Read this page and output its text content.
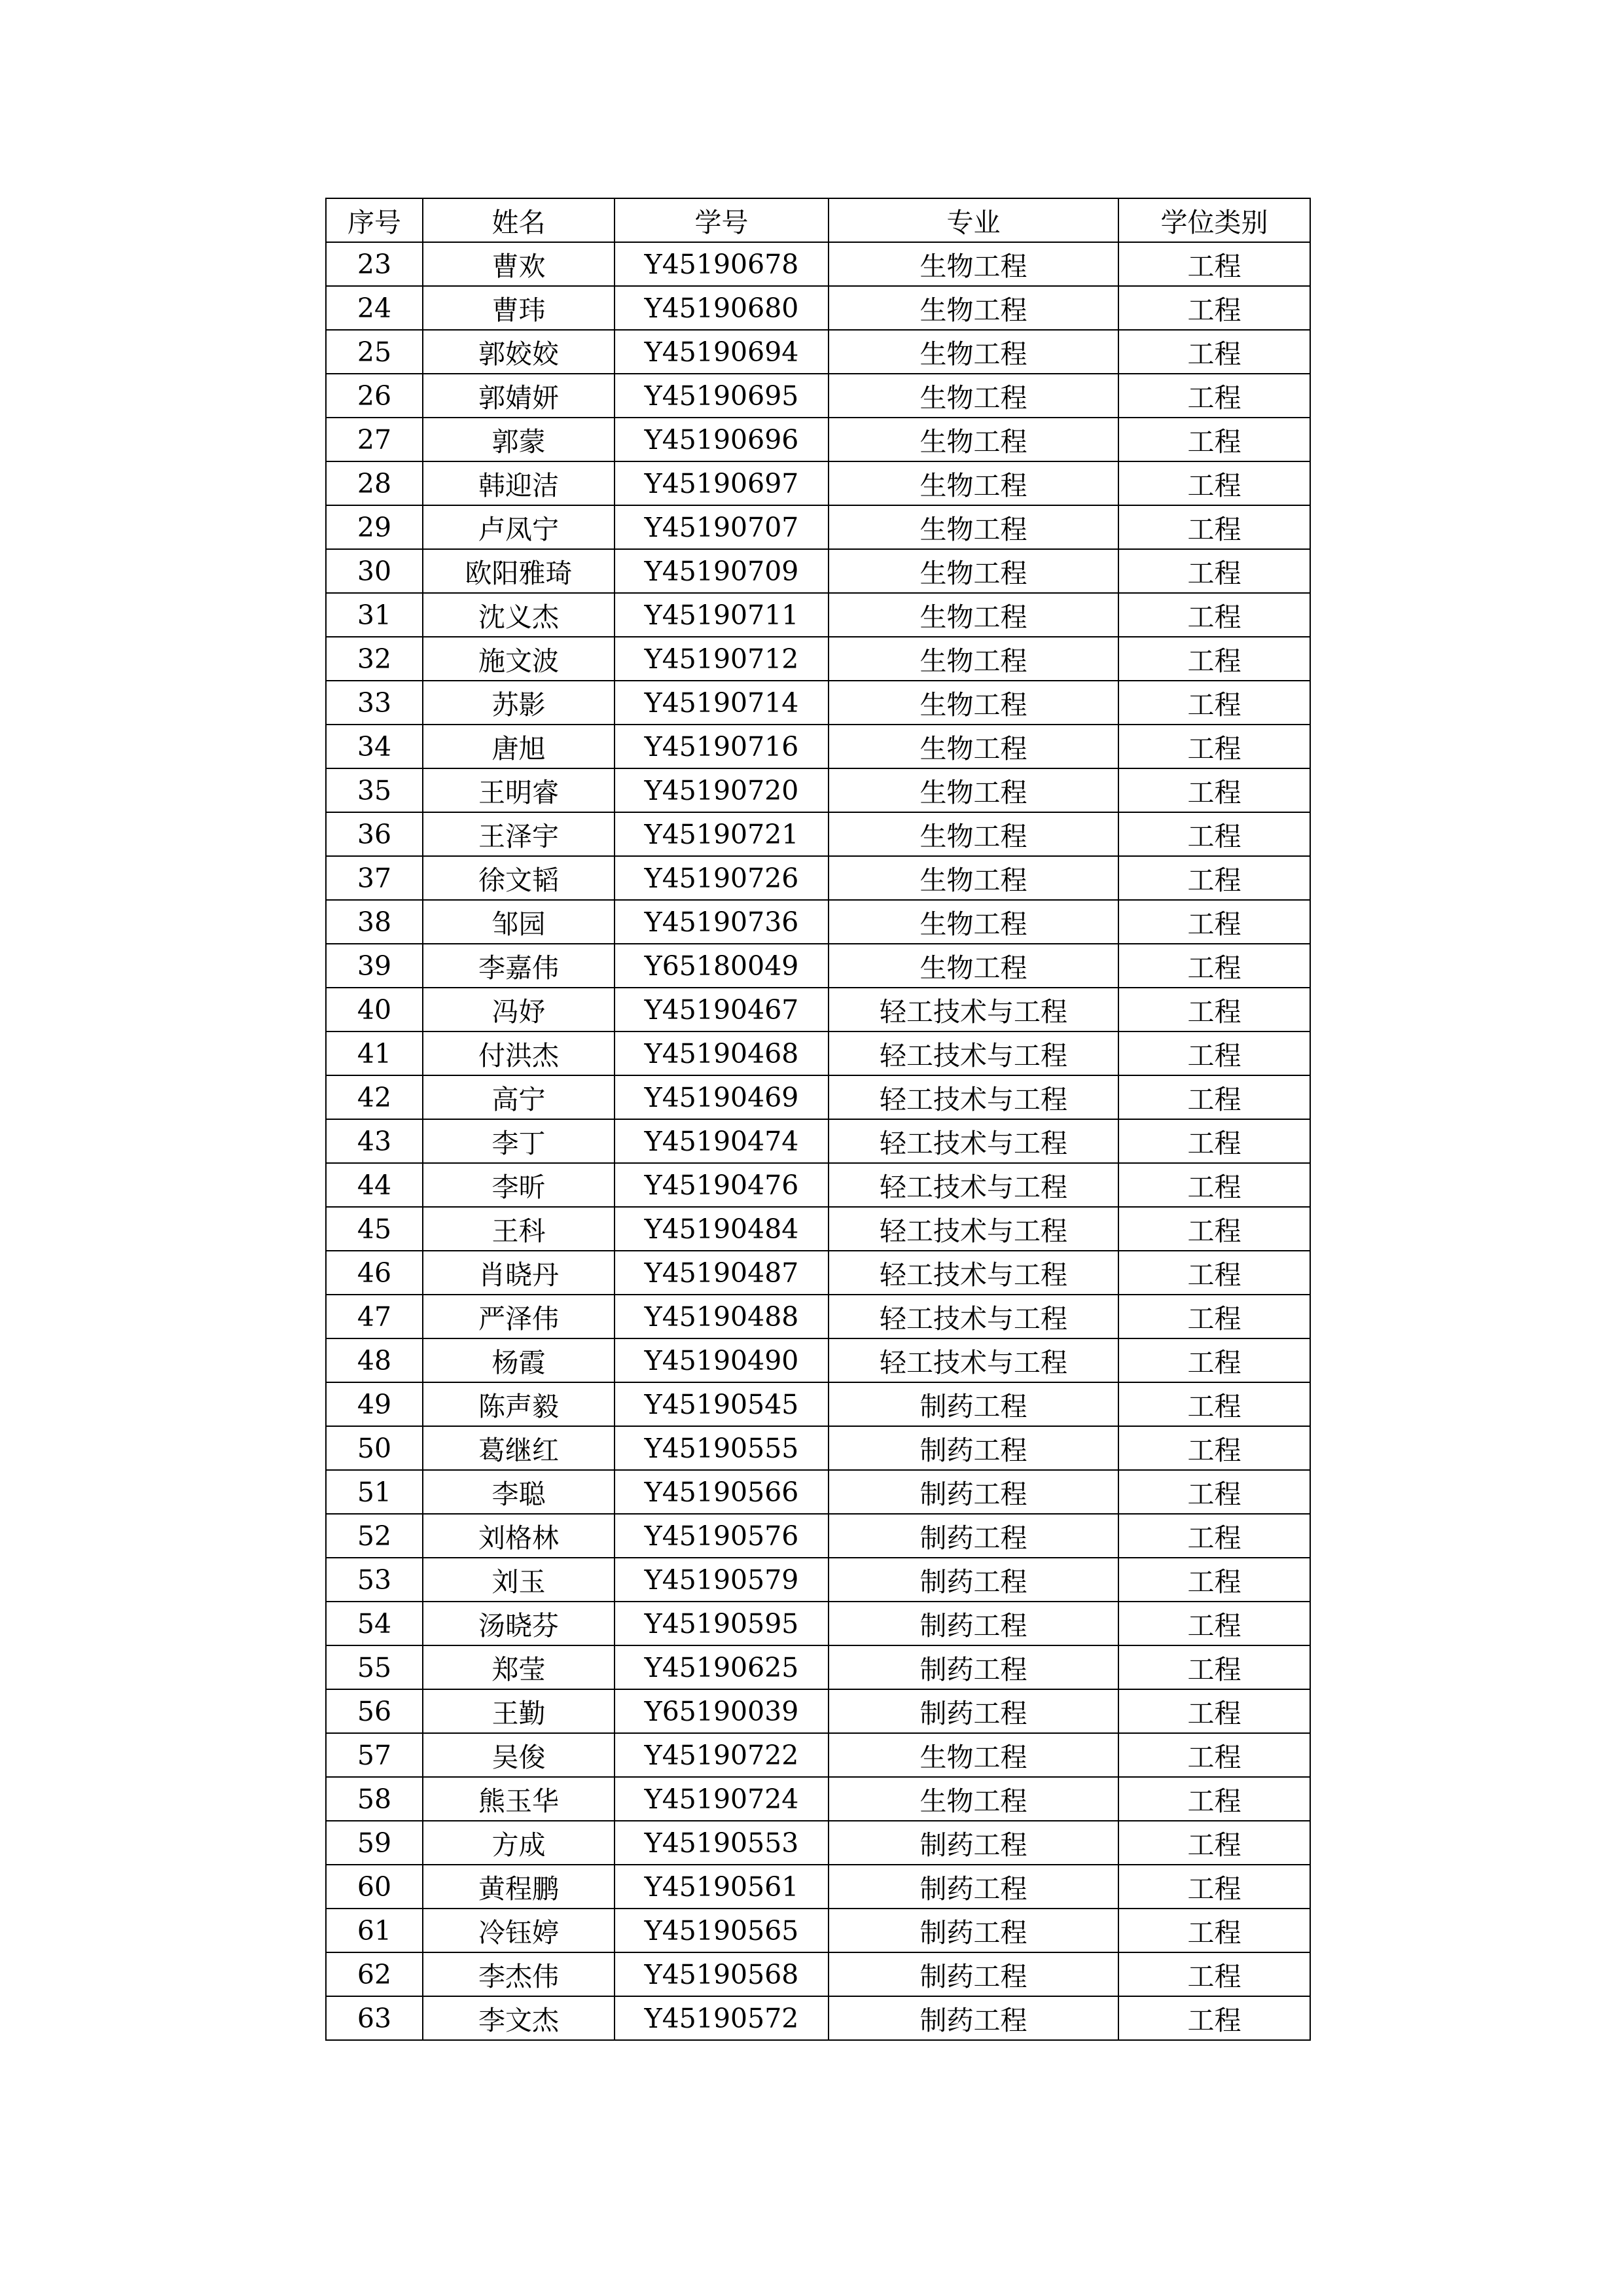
序号	姓名	学号	专业	学位类别
23	曹欢	Y45190678	生物工程	工程
24	曹玮	Y45190680	生物工程	工程
25	郭姣姣	Y45190694	生物工程	工程
26	郭婧妍	Y45190695	生物工程	工程
27	郭蒙	Y45190696	生物工程	工程
28	韩迎洁	Y45190697	生物工程	工程
29	卢凤宁	Y45190707	生物工程	工程
30	欧阳雅琦	Y45190709	生物工程	工程
31	沈义杰	Y45190711	生物工程	工程
32	施文波	Y45190712	生物工程	工程
33	苏影	Y45190714	生物工程	工程
34	唐旭	Y45190716	生物工程	工程
35	王明睿	Y45190720	生物工程	工程
36	王泽宇	Y45190721	生物工程	工程
37	徐文韬	Y45190726	生物工程	工程
38	邹园	Y45190736	生物工程	工程
39	李嘉伟	Y65180049	生物工程	工程
40	冯妤	Y45190467	轻工技术与工程	工程
41	付洪杰	Y45190468	轻工技术与工程	工程
42	高宁	Y45190469	轻工技术与工程	工程
43	李丁	Y45190474	轻工技术与工程	工程
44	李昕	Y45190476	轻工技术与工程	工程
45	王科	Y45190484	轻工技术与工程	工程
46	肖晓丹	Y45190487	轻工技术与工程	工程
47	严泽伟	Y45190488	轻工技术与工程	工程
48	杨霞	Y45190490	轻工技术与工程	工程
49	陈声毅	Y45190545	制药工程	工程
50	葛继红	Y45190555	制药工程	工程
51	李聪	Y45190566	制药工程	工程
52	刘格林	Y45190576	制药工程	工程
53	刘玉	Y45190579	制药工程	工程
54	汤晓芬	Y45190595	制药工程	工程
55	郑莹	Y45190625	制药工程	工程
56	王勤	Y65190039	制药工程	工程
57	吴俊	Y45190722	生物工程	工程
58	熊玉华	Y45190724	生物工程	工程
59	方成	Y45190553	制药工程	工程
60	黄程鹏	Y45190561	制药工程	工程
61	冷钰婷	Y45190565	制药工程	工程
62	李杰伟	Y45190568	制药工程	工程
63	李文杰	Y45190572	制药工程	工程
